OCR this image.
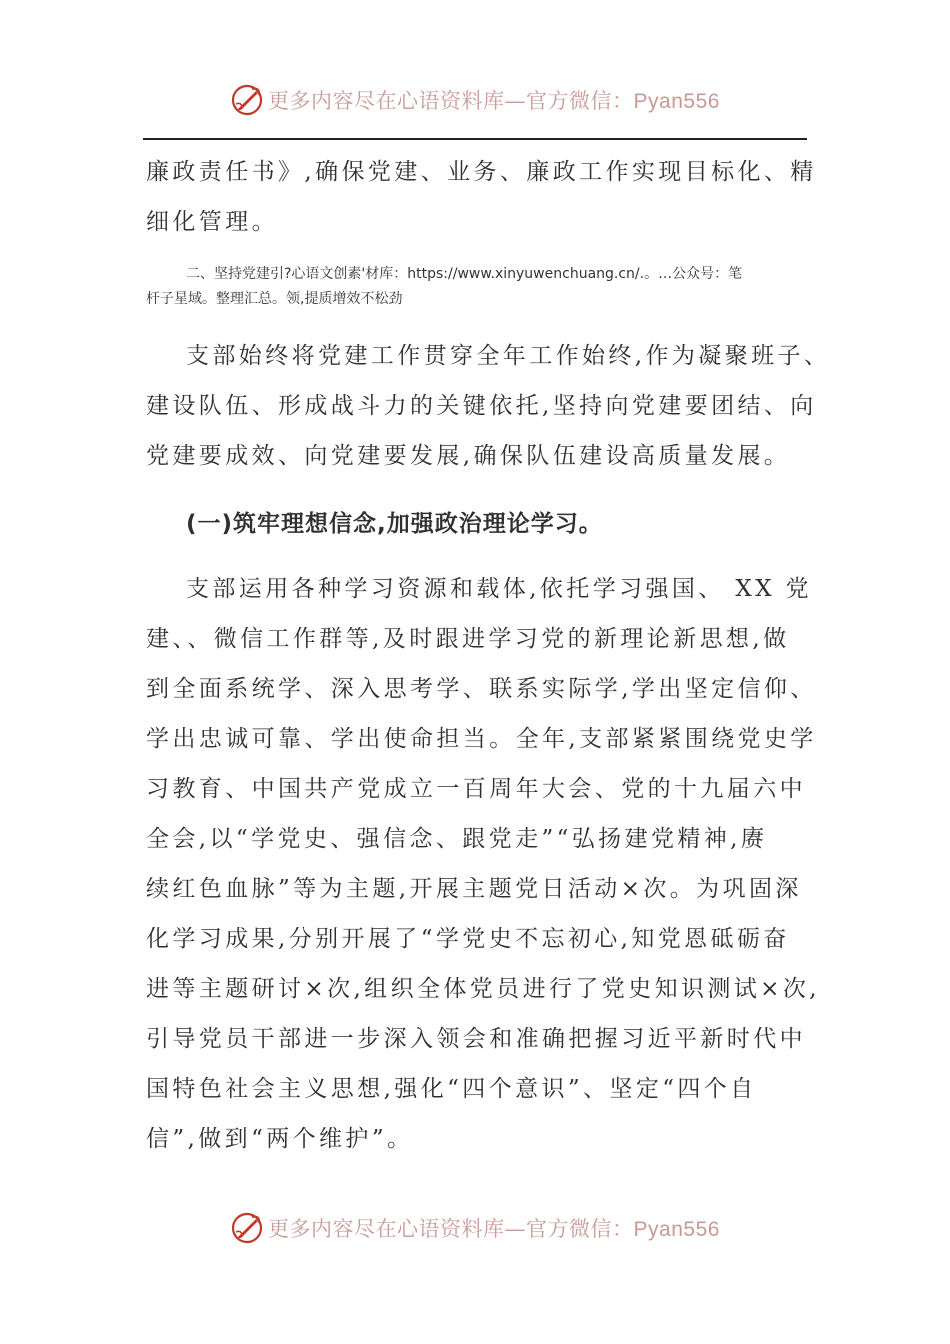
更多内容尽在心语资料库—官方微信：Pyan556
廉政责任书》,确保党建、业务、廉政工作实现目标化、精
细化管理。
二、坚持党建引?心语文创素'材库：https://www.xinyuwenchuang.cn/.。…公众号：笔
杆子星域。整理汇总。领,提质增效不松劲
支部始终将党建工作贯穿全年工作始终,作为凝聚班子、
建设队伍、形成战斗力的关键依托,坚持向党建要团结、向
党建要成效、向党建要发展,确保队伍建设高质量发展。
(一)筑牢理想信念,加强政治理论学习。
支部运用各种学习资源和载体,依托学习强国、 XX 党
建、、微信工作群等,及时跟进学习党的新理论新思想,做
到全面系统学、深入思考学、联系实际学,学出坚定信仰、
学出忠诚可靠、学出使命担当。全年,支部紧紧围绕党史学
习教育、中国共产党成立一百周年大会、党的十九届六中
全会,以“学党史、强信念、跟党走”“弘扬建党精神,赓
续红色血脉”等为主题,开展主题党日活动×次。为巩固深
化学习成果,分别开展了“学党史不忘初心,知党恩砥砺奋
进等主题研讨×次,组织全体党员进行了党史知识测试×次,
引导党员干部进一步深入领会和准确把握习近平新时代中
国特色社会主义思想,强化“四个意识”、坚定“四个自
信”,做到“两个维护”。
更多内容尽在心语资料库—官方微信：Pyan556
